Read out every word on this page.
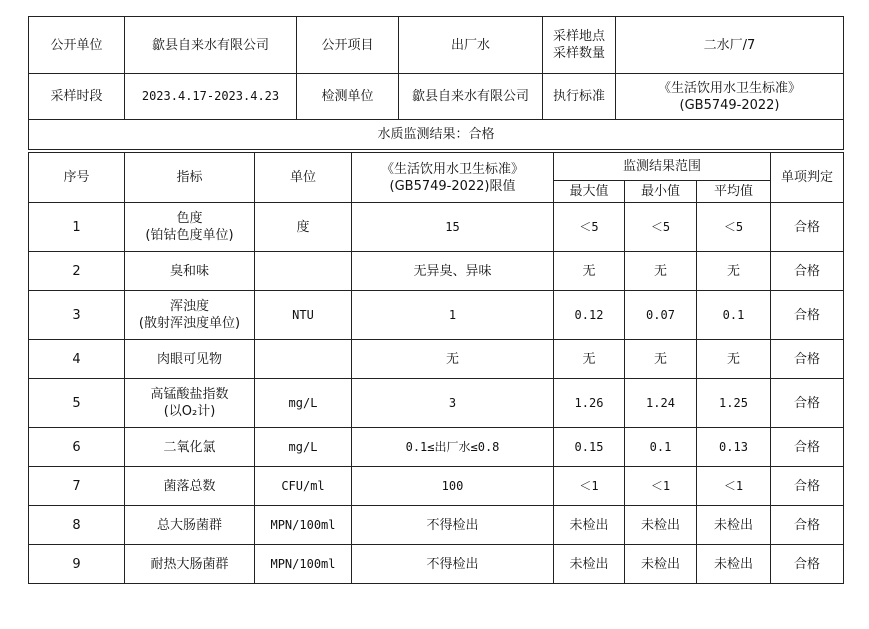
公开单位	歙县自来水有限公司	公开项目	出厂水	采样地点
采样数量	二水厂/7
采样时段	2023.4.17-2023.4.23	检测单位	歙县自来水有限公司	执行标准	《生活饮用水卫生标准》
(GB5749-2022)

水质监测结果：合格					
序号	指标	单位	《生活饮用水卫生标准》
(GB5749-2022)限值	监测结果范围			单项判定
				最大值	最小值	平均值	
1	色度
(铂钴色度单位)	度	15	＜5	＜5	＜5	合格
2	臭和味		无异臭、异味	无	无	无	合格
3	浑浊度
(散射浑浊度单位)	NTU	1	0.12	0.07	0.1	合格
4	肉眼可见物		无	无	无	无	合格
5	高锰酸盐指数
(以O₂计)	mg/L	3	1.26	1.24	1.25	合格
6	二氧化氯	mg/L	0.1≤出厂水≤0.8	0.15	0.1	0.13	合格
7	菌落总数	CFU/ml	100	＜1	＜1	＜1	合格
8	总大肠菌群	MPN/100ml	不得检出	未检出	未检出	未检出	合格
9	耐热大肠菌群	MPN/100ml	不得检出	未检出	未检出	未检出	合格
